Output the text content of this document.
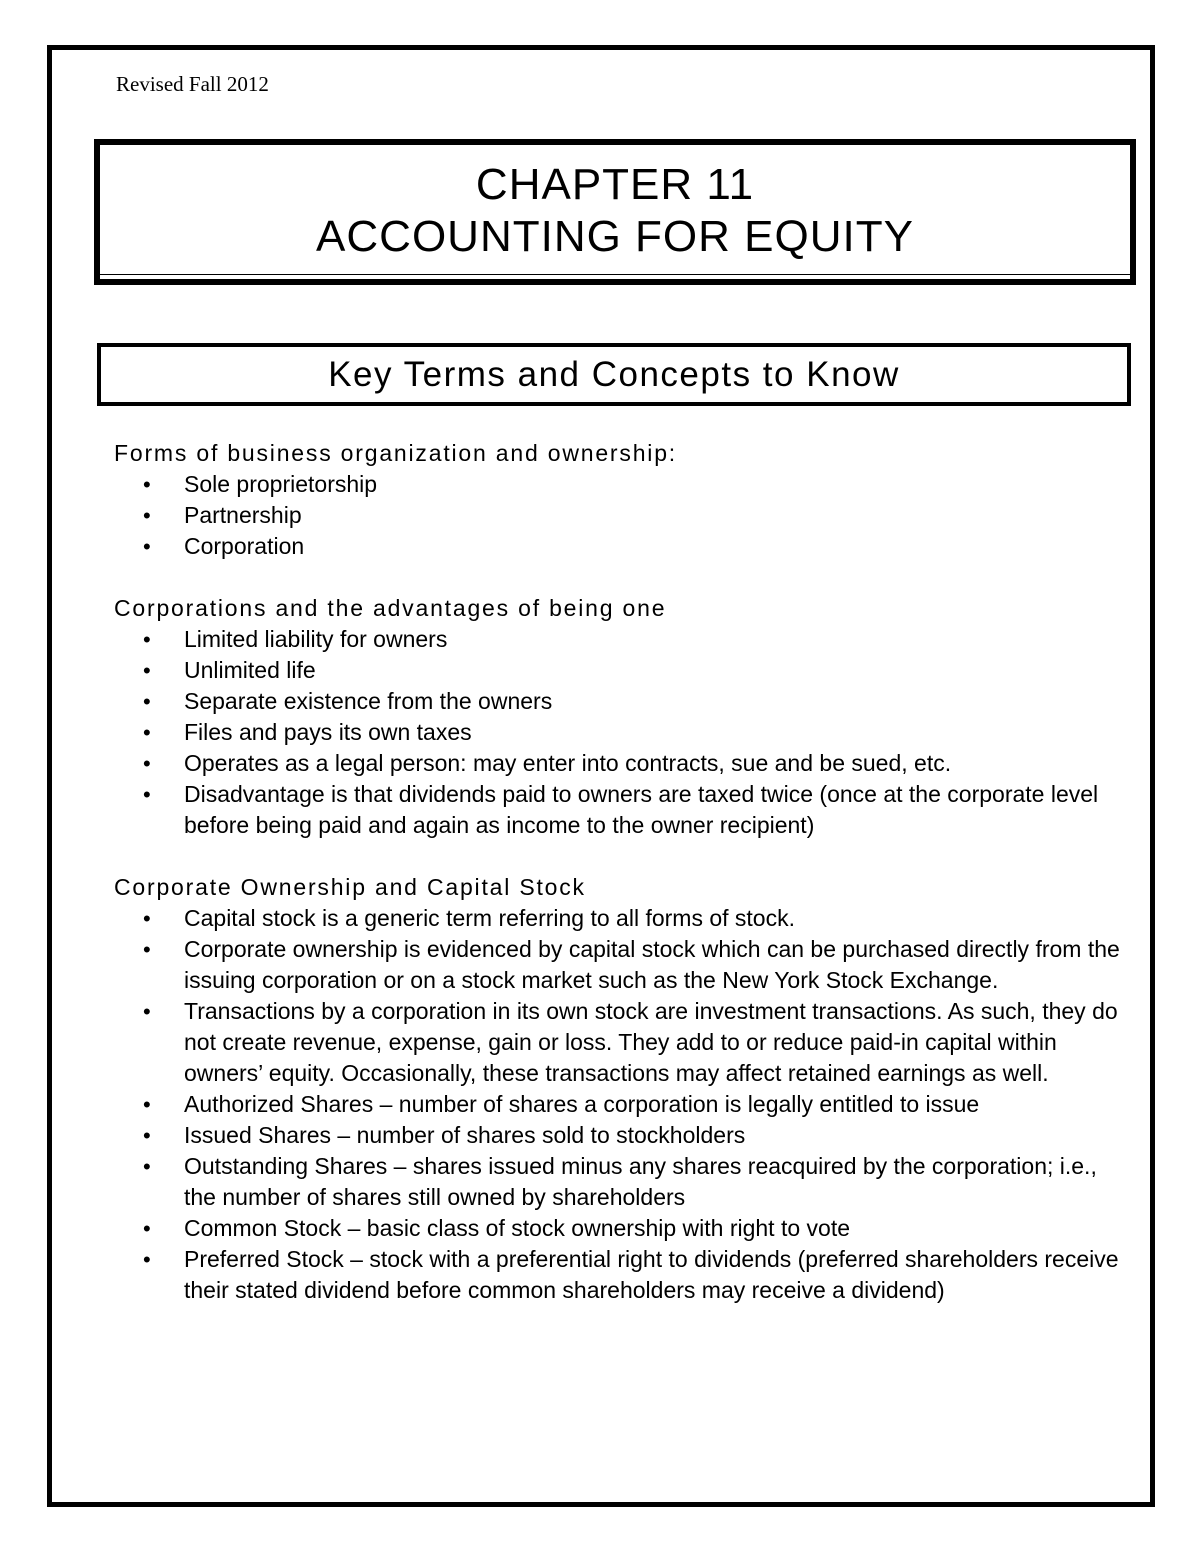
Revised Fall 2012
CHAPTER 11
ACCOUNTING FOR EQUITY
Key Terms and Concepts to Know

Forms of business organization and ownership:

• Sole proprietorship
• Partnership
• Corporation

Corporations and the advantages of being one

• Limited liability for owners
• Unlimited life
• Separate existence from the owners
• Files and pays its own taxes
• Operates as a legal person: may enter into contracts, sue and be sued, etc.
• Disadvantage is that dividends paid to owners are taxed twice (once at the corporate level before being paid and again as income to the owner recipient)

Corporate Ownership and Capital Stock

• Capital stock is a generic term referring to all forms of stock.
• Corporate ownership is evidenced by capital stock which can be purchased directly from the issuing corporation or on a stock market such as the New York Stock Exchange.
• Transactions by a corporation in its own stock are investment transactions. As such, they do not create revenue, expense, gain or loss. They add to or reduce paid-in capital within owners’ equity. Occasionally, these transactions may affect retained earnings as well.
• Authorized Shares – number of shares a corporation is legally entitled to issue
• Issued Shares – number of shares sold to stockholders
• Outstanding Shares – shares issued minus any shares reacquired by the corporation; i.e., the number of shares still owned by shareholders
• Common Stock – basic class of stock ownership with right to vote
• Preferred Stock – stock with a preferential right to dividends (preferred shareholders receive their stated dividend before common shareholders may receive a dividend)
